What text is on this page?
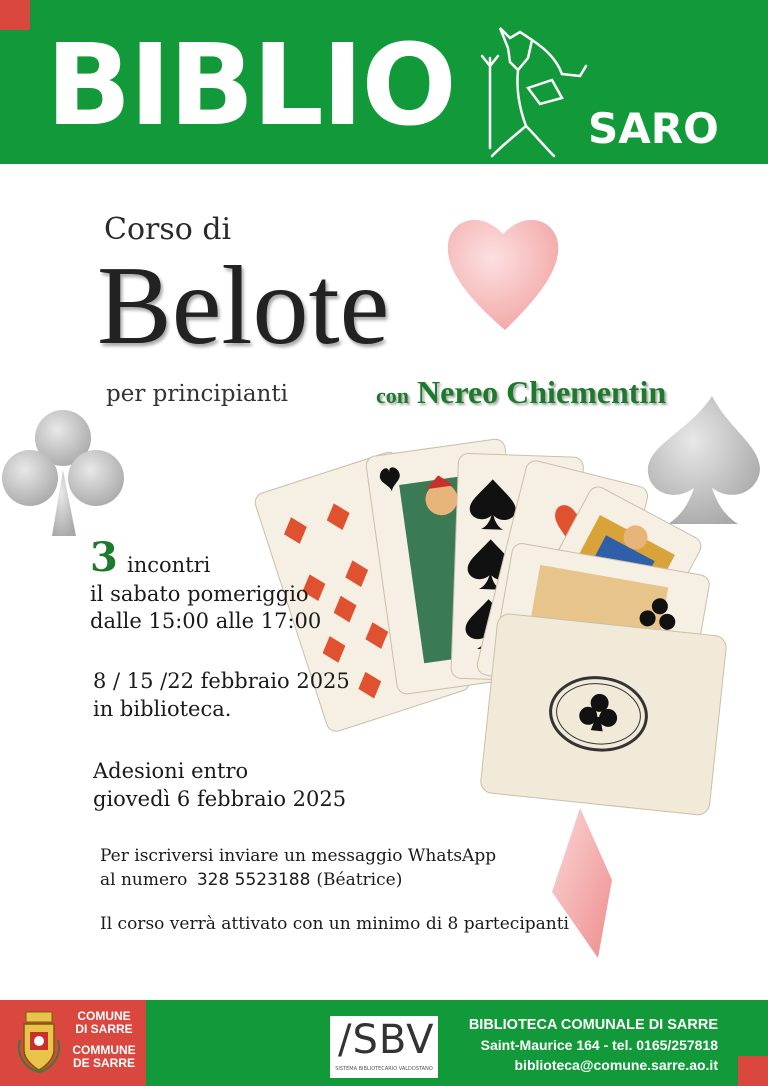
BIBLIO	SARO
Corso di
Belote
per principianti	con Nereo Chiementin
3 incontri
il sabato pomeriggio
dalle 15:00 alle 17:00
8 / 15 /22 febbraio 2025
in biblioteca.
Adesioni entro
giovedì 6 febbraio 2025
Per iscriversi inviare un messaggio WhatsApp
al numero 328 5523188 (Béatrice)
Il corso verrà attivato con un minimo di 8 partecipanti
COMUNE DI SARRE
COMMUNE DE SARRE	/SBV
SISTEMA BIBLIOTECARIO VALDOSTANO
BIBLIOTECA COMUNALE DI SARRE
Saint-Maurice 164 - tel. 0165/257818
biblioteca@comune.sarre.ao.it
